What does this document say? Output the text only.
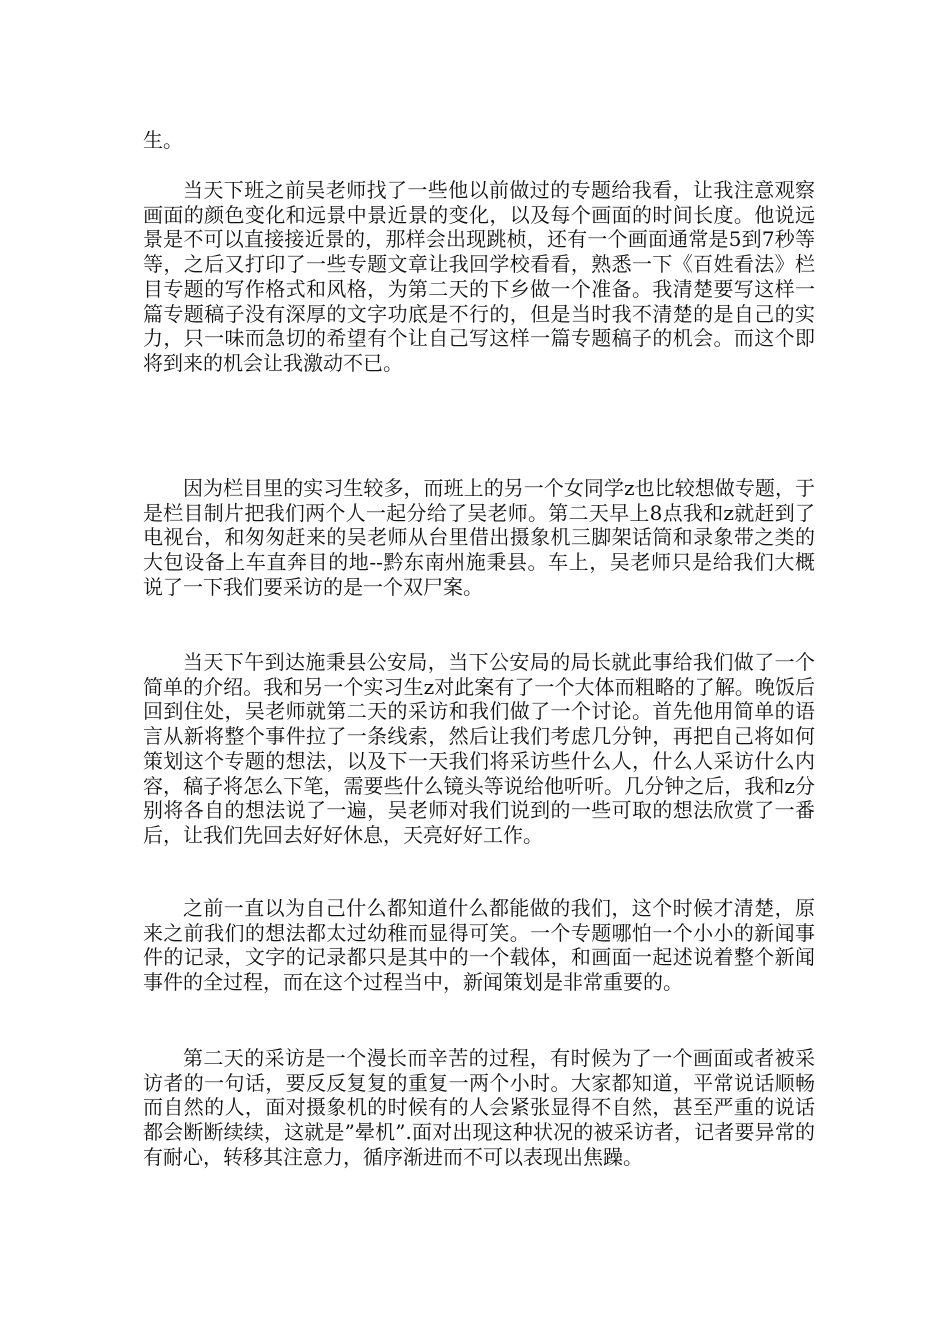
生。

当天下班之前吴老师找了一些他以前做过的专题给我看，让我注意观察画面的颜色变化和远景中景近景的变化，以及每个画面的时间长度。他说远景是不可以直接接近景的，那样会出现跳桢，还有一个画面通常是5到7秒等等，之后又打印了一些专题文章让我回学校看看，熟悉一下《百姓看法》栏目专题的写作格式和风格，为第二天的下乡做一个准备。我清楚要写这样一篇专题稿子没有深厚的文字功底是不行的，但是当时我不清楚的是自己的实力，只一味而急切的希望有个让自己写这样一篇专题稿子的机会。而这个即将到来的机会让我激动不已。

因为栏目里的实习生较多，而班上的另一个女同学z也比较想做专题，于是栏目制片把我们两个人一起分给了吴老师。第二天早上8点我和z就赶到了电视台，和匆匆赶来的吴老师从台里借出摄象机三脚架话筒和录象带之类的大包设备上车直奔目的地--黔东南州施秉县。车上，吴老师只是给我们大概说了一下我们要采访的是一个双尸案。

当天下午到达施秉县公安局，当下公安局的局长就此事给我们做了一个简单的介绍。我和另一个实习生z对此案有了一个大体而粗略的了解。晚饭后回到住处，吴老师就第二天的采访和我们做了一个讨论。首先他用简单的语言从新将整个事件拉了一条线索，然后让我们考虑几分钟，再把自己将如何策划这个专题的想法，以及下一天我们将采访些什么人，什么人采访什么内容，稿子将怎么下笔，需要些什么镜头等说给他听听。几分钟之后，我和z分别将各自的想法说了一遍，吴老师对我们说到的一些可取的想法欣赏了一番后，让我们先回去好好休息，天亮好好工作。

之前一直以为自己什么都知道什么都能做的我们，这个时候才清楚，原来之前我们的想法都太过幼稚而显得可笑。一个专题哪怕一个小小的新闻事件的记录，文字的记录都只是其中的一个载体，和画面一起述说着整个新闻事件的全过程，而在这个过程当中，新闻策划是非常重要的。

第二天的采访是一个漫长而辛苦的过程，有时候为了一个画面或者被采访者的一句话，要反反复复的重复一两个小时。大家都知道，平常说话顺畅而自然的人，面对摄象机的时候有的人会紧张显得不自然，甚至严重的说话都会断断续续，这就是”晕机”.面对出现这种状况的被采访者，记者要异常的有耐心，转移其注意力，循序渐进而不可以表现出焦躁。
